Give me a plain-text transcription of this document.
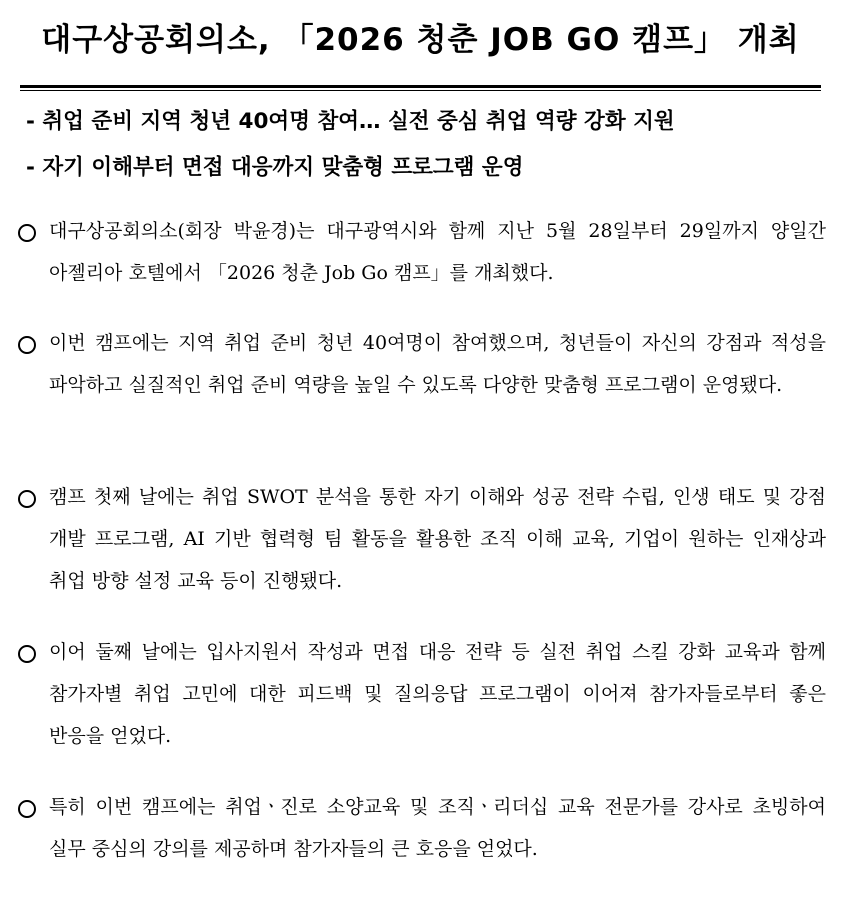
대구상공회의소, 「2026 청춘 JOB GO 캠프」 개최
- 취업 준비 지역 청년 40여명 참여… 실전 중심 취업 역량 강화 지원
- 자기 이해부터 면접 대응까지 맞춤형 프로그램 운영

대구상공회의소(회장 박윤경)는 대구광역시와 함께 지난 5월 28일부터 29일까지 양일간 아젤리아 호텔에서 「2026 청춘 Job Go 캠프」를 개최했다.

이번 캠프에는 지역 취업 준비 청년 40여명이 참여했으며, 청년들이 자신의 강점과 적성을 파악하고 실질적인 취업 준비 역량을 높일 수 있도록 다양한 맞춤형 프로그램이 운영됐다.

캠프 첫째 날에는 취업 SWOT 분석을 통한 자기 이해와 성공 전략 수립, 인생 태도 및 강점 개발 프로그램, AI 기반 협력형 팀 활동을 활용한 조직 이해 교육, 기업이 원하는 인재상과 취업 방향 설정 교육 등이 진행됐다.

이어 둘째 날에는 입사지원서 작성과 면접 대응 전략 등 실전 취업 스킬 강화 교육과 함께 참가자별 취업 고민에 대한 피드백 및 질의응답 프로그램이 이어져 참가자들로부터 좋은 반응을 얻었다.

특히 이번 캠프에는 취업ㆍ진로 소양교육 및 조직ㆍ리더십 교육 전문가를 강사로 초빙하여 실무 중심의 강의를 제공하며 참가자들의 큰 호응을 얻었다.
